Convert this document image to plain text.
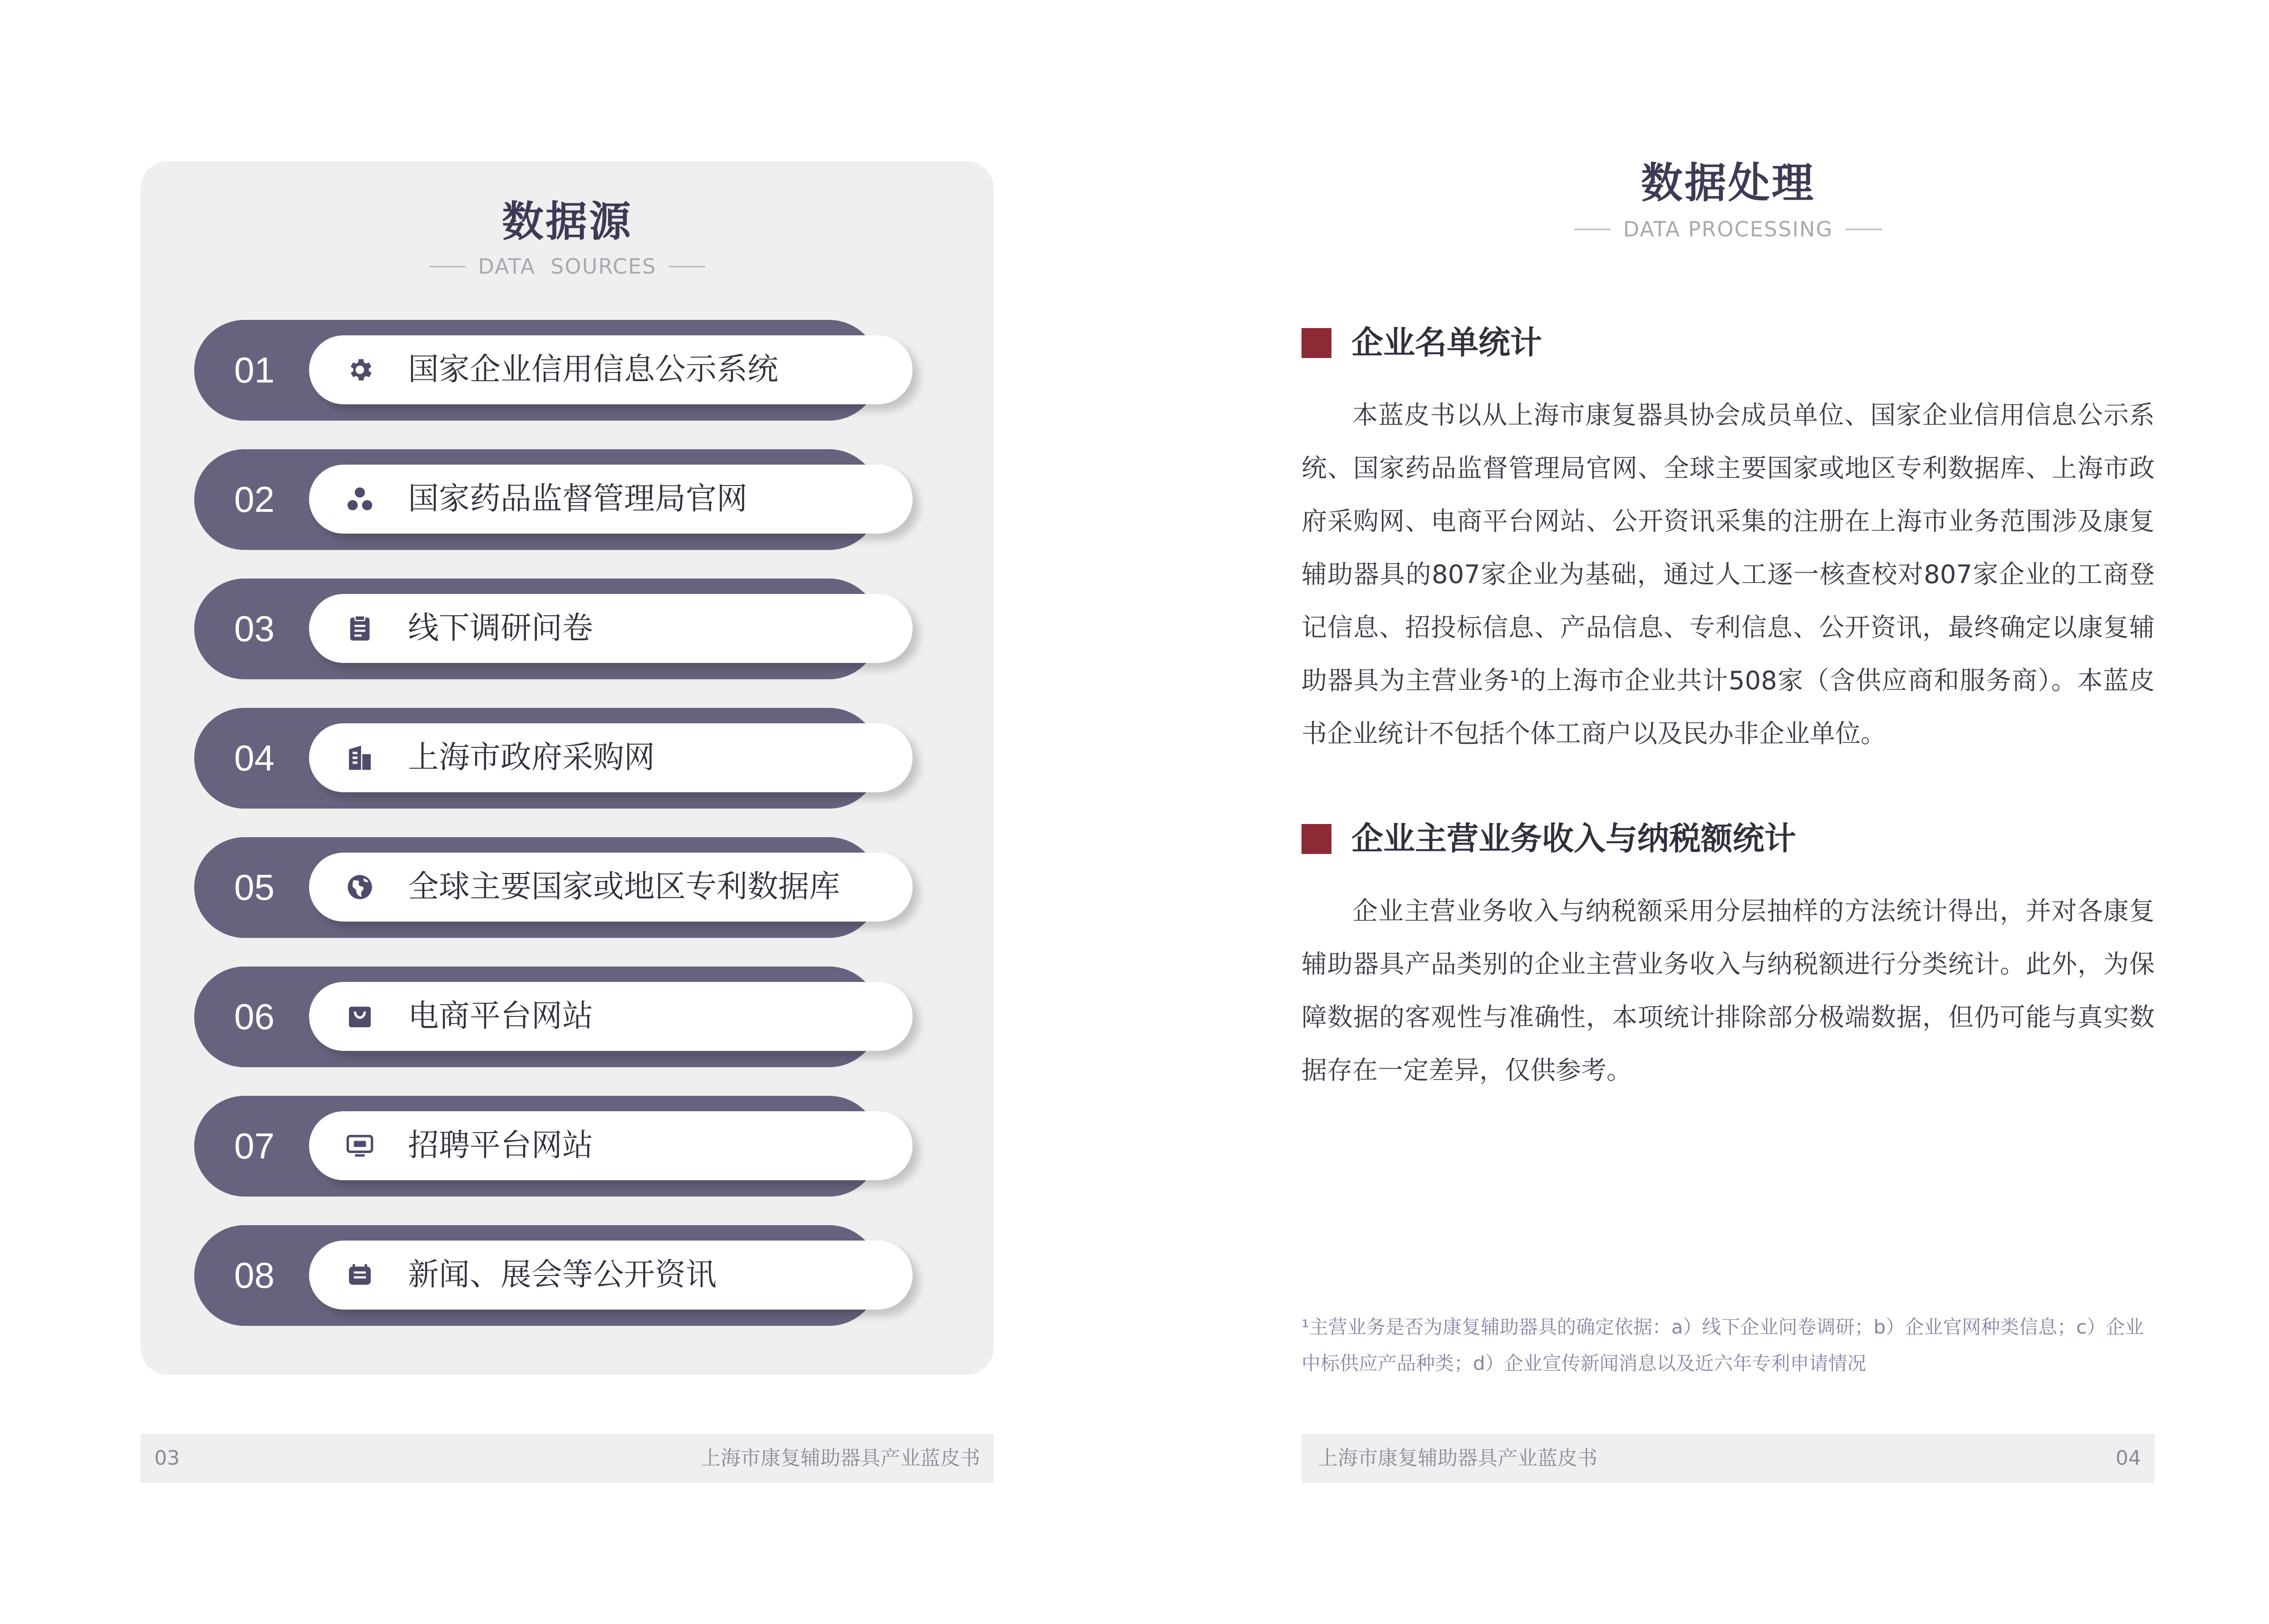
数据源
DATA  SOURCES
01	国家企业信用信息公示系统
02	国家药品监督管理局官网
03	线下调研问卷
04	上海市政府采购网
05	全球主要国家或地区专利数据库
06	电商平台网站
07	招聘平台网站
08	新闻、展会等公开资讯
03	上海市康复辅助器具产业蓝皮书
数据处理
DATA PROCESSING
企业名单统计

本蓝皮书以从上海市康复器具协会成员单位、国家企业信用信息公示系统、国家药品监督管理局官网、全球主要国家或地区专利数据库、上海市政府采购网、电商平台网站、公开资讯采集的注册在上海市业务范围涉及康复辅助器具的807家企业为基础，通过人工逐一核查校对807家企业的工商登记信息、招投标信息、产品信息、专利信息、公开资讯，最终确定以康复辅助器具为主营业务¹的上海市企业共计508家（含供应商和服务商）。本蓝皮书企业统计不包括个体工商户以及民办非企业单位。

企业主营业务收入与纳税额统计

企业主营业务收入与纳税额采用分层抽样的方法统计得出，并对各康复辅助器具产品类别的企业主营业务收入与纳税额进行分类统计。此外，为保障数据的客观性与准确性，本项统计排除部分极端数据，但仍可能与真实数据存在一定差异，仅供参考。

¹主营业务是否为康复辅助器具的确定依据：a）线下企业问卷调研；b）企业官网种类信息；c）企业中标供应产品种类；d）企业宣传新闻消息以及近六年专利申请情况

上海市康复辅助器具产业蓝皮书	04
